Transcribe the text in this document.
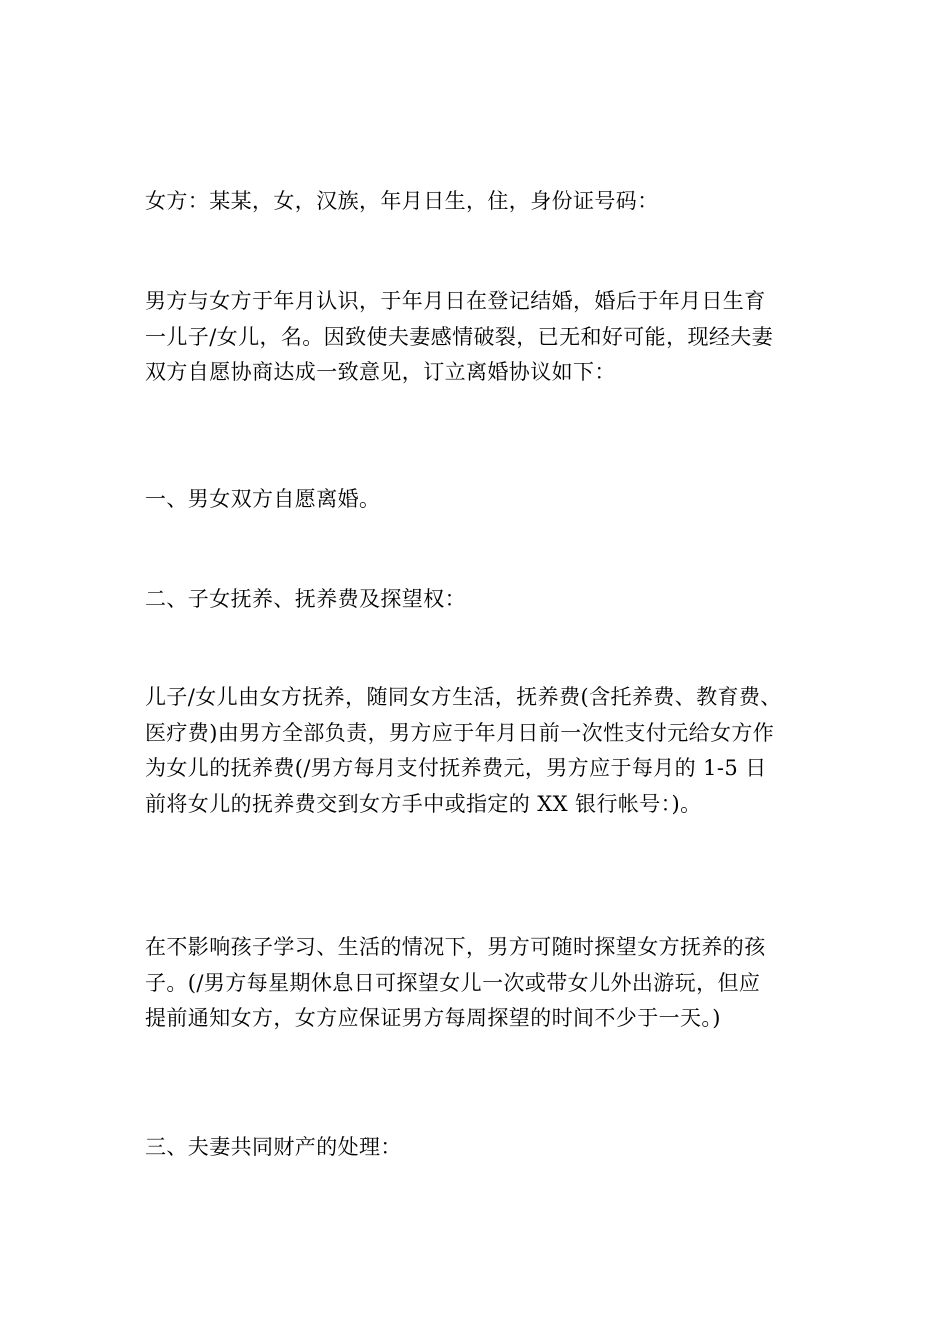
女方：某某，女，汉族，年月日生，住，身份证号码：

男方与女方于年月认识，于年月日在登记结婚，婚后于年月日生育
一儿子/女儿，名。因致使夫妻感情破裂，已无和好可能，现经夫妻
双方自愿协商达成一致意见，订立离婚协议如下：

一、男女双方自愿离婚。

二、子女抚养、抚养费及探望权：

儿子/女儿由女方抚养，随同女方生活，抚养费(含托养费、教育费、
医疗费)由男方全部负责，男方应于年月日前一次性支付元给女方作
为女儿的抚养费(/男方每月支付抚养费元，男方应于每月的 1-5 日
前将女儿的抚养费交到女方手中或指定的 XX 银行帐号：)。

在不影响孩子学习、生活的情况下，男方可随时探望女方抚养的孩
子。(/男方每星期休息日可探望女儿一次或带女儿外出游玩，但应
提前通知女方，女方应保证男方每周探望的时间不少于一天。)

三、夫妻共同财产的处理：
